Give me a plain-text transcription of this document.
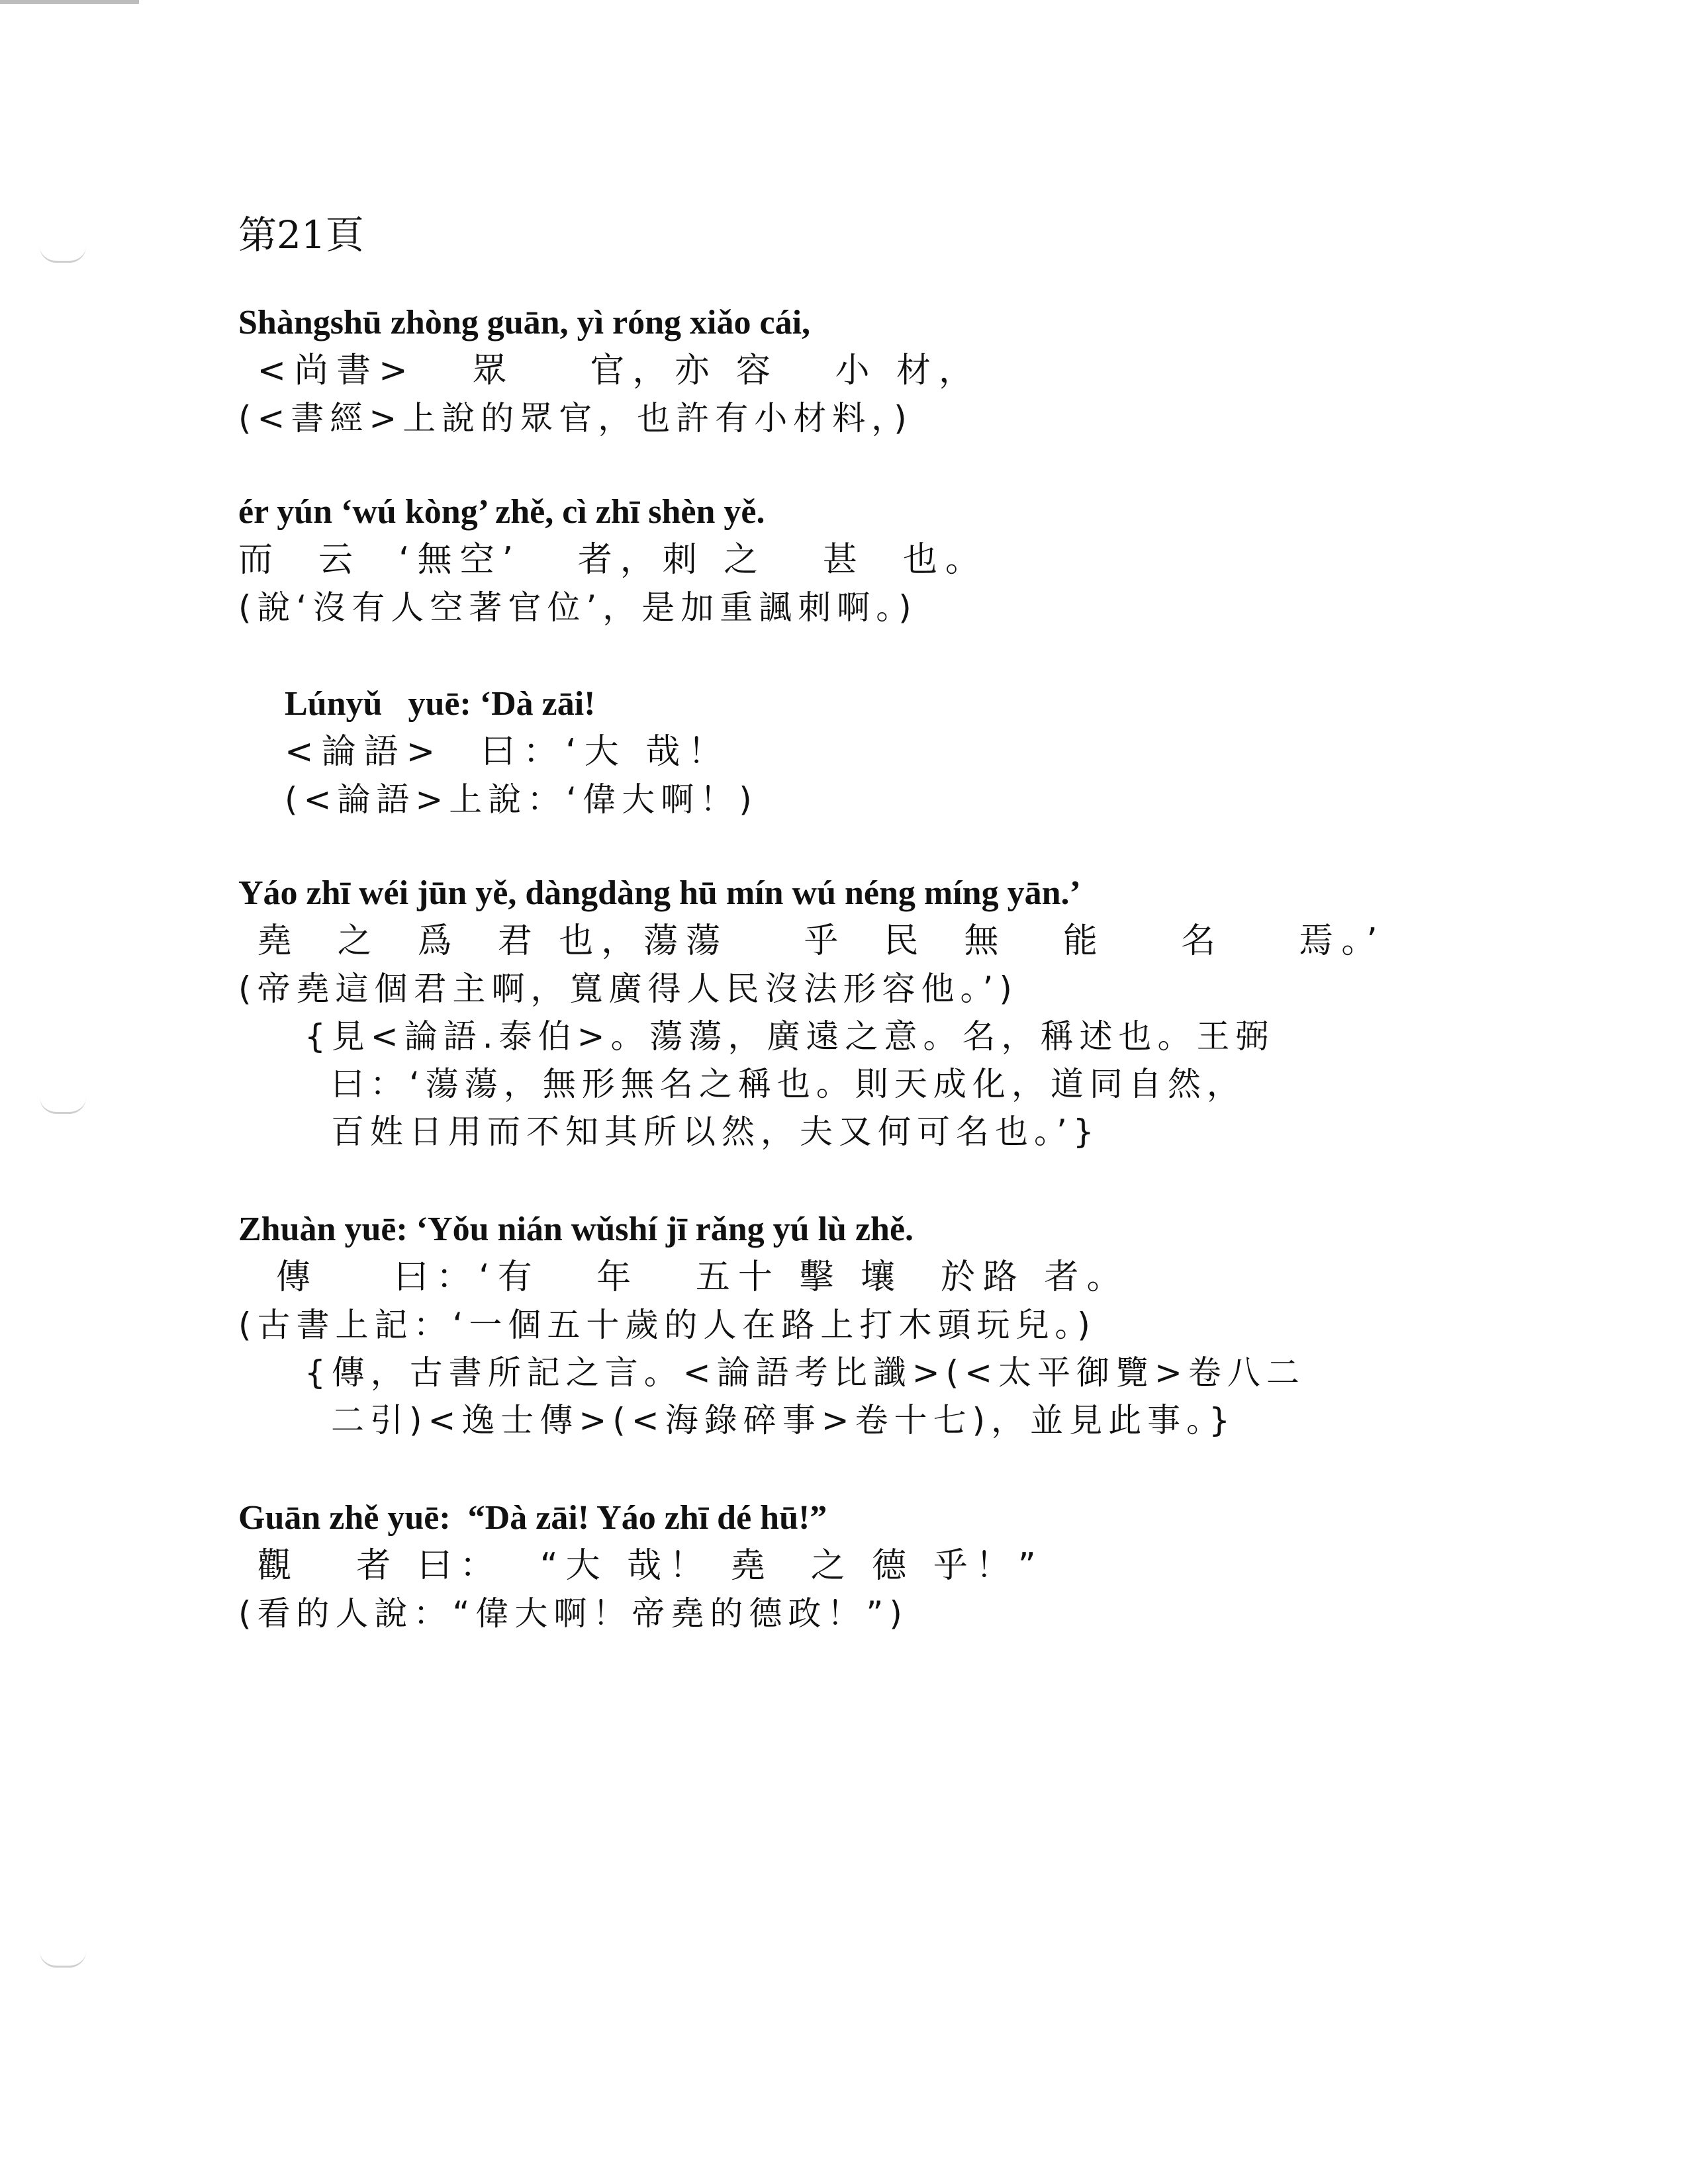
第21頁
Shàngshū zhòng guān, yì róng xiǎo cái,
<尚書>   眾    官，亦 容   小 材，
(<書經>上說的眾官，也許有小材料，)
ér yún ‘wú kòng’ zhě, cì zhī shèn yě.
而  云  ‘無空’   者，刺 之   甚  也。
(說‘沒有人空著官位’，是加重諷刺啊。)
Lúnyǔ   yuē: ‘Dà zāi!
<論語>  曰：‘大 哉！
(<論語>上說：‘偉大啊！)
Yáo zhī wéi jūn yě, dàngdàng hū mín wú néng míng yān.’
堯  之  爲  君 也，蕩蕩    乎  民  無   能    名    焉。’
(帝堯這個君主啊，寬廣得人民沒法形容他。’)
{見<論語.泰伯>。蕩蕩，廣遠之意。名，稱述也。王弼
曰：‘蕩蕩，無形無名之稱也。則天成化，道同自然，
百姓日用而不知其所以然，夫又何可名也。’}
Zhuàn yuē: ‘Yǒu nián wǔshí jī rǎng yú lù zhě.
傳    曰：‘有   年   五十 擊 壤  於路 者。
(古書上記：‘一個五十歲的人在路上打木頭玩兒。)
{傳，古書所記之言。<論語考比讖>(<太平御覽>卷八二
二引)<逸士傳>(<海錄碎事>卷十七)，並見此事。}
Guān zhě yuē:  “Dà zāi! Yáo zhī dé hū!”
觀   者 曰：  “大 哉！ 堯  之 德 乎！”
(看的人說：“偉大啊！帝堯的德政！”)
